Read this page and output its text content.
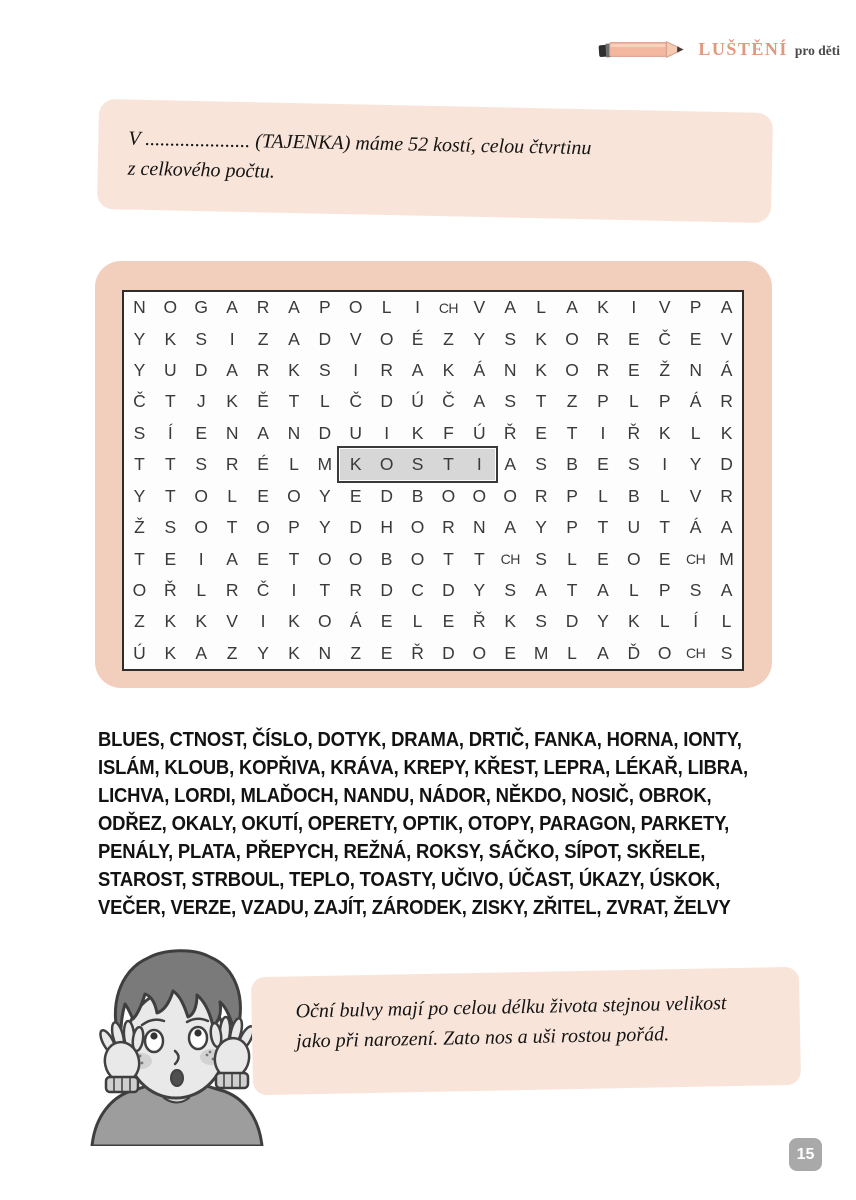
LUŠTĚNÍ pro děti
V ..................... (TAJENKA) máme 52 kostí, celou čtvrtinu
z celkového počtu.
N	O G	A	R	A	P	O	L	I	CH V	A	L	A	K	I	V	P	A
Y	K	S	I	Z	A	D	V	O	É	Z	Y	S	K	O	R	E	Č	E	V
Y	U	D	A	R	K	S	I	R	A	K	Á	N	K	O	R	E	Ž	N	Á
Č	T	J	K	Ě	T	L	Č	D	Ú	Č	A	S	T	Z	P	L	P	Á	R
S	Í	E	N	A	N	D	U	I	K	F	Ú	Ř	E	T	I	Ř	K	L	K
T	T	S	R	É	L	M	K	O	S	T	I	A	S	B	E	S	I	Y	D
Y	T	O	L	E	O	Y	E	D	B	O O O	R	P	L	B	L	V	R
Ž	S	O	T	O	P	Y	D	H	O	R	N	A	Y	P	T	U	T	Á	A
T	E	I	A	E	T	O O	B	O	T	T	CH S	L	E	O	E	CH M
O	Ř	L	R	Č	I	T	R	D	C	D	Y	S	A	T	A	L	P	S	A
Z	K	K	V	I	K	O	Á	E	L	E	Ř	K	S	D	Y	K	L	Í	L
Ú	K	A	Z	Y	K	N	Z	E	Ř	D	O	E	M	L	A	Ď	O	CH S
BLUES, CTNOST, ČÍSLO, DOTYK, DRAMA, DRTIČ, FANKA, HORNA, IONTY, ISLÁM, KLOUB, KOPŘIVA, KRÁVA, KREPY, KŘEST, LEPRA, LÉKAŘ, LIBRA, LICHVA, LORDI, MLAĎOCH, NANDU, NÁDOR, NĚKDO, NOSIČ, OBROK, ODŘEZ, OKALY, OKUTÍ, OPERETY, OPTIK, OTOPY, PARAGON, PARKETY, PENÁLY, PLATA, PŘEPYCH, REŽNÁ, ROKSY, SÁČKO, SÍPOT, SKŘELE, STAROST, STRBOUL, TEPLO, TOASTY, UČIVO, ÚČAST, ÚKAZY, ÚSKOK, VEČER, VERZE, VZADU, ZAJÍT, ZÁRODEK, ZISKY, ZŘITEL, ZVRAT, ŽELVY
Oční bulvy mají po celou délku života stejnou velikost jako při narození. Zato nos a uši rostou pořád.
15
